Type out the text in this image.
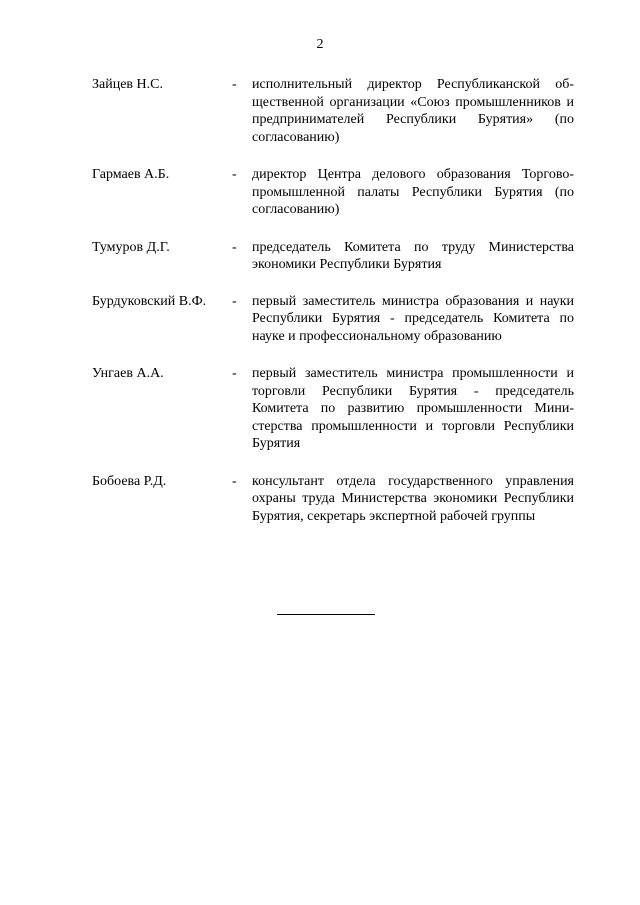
2
Зайцев Н.С.	-	исполнительный директор Республиканской общественной организации «Союз промышленников и предпринимателей Республики Бурятия» (по согласованию)
Гармаев А.Б.	-	директор Центра делового образования Торгово-промышленной палаты Республики Бурятия (по согласованию)
Тумуров Д.Г.	-	председатель Комитета по труду Министерства экономики Республики Бурятия
Бурдуковский В.Ф.	-	первый заместитель министра образования и науки Республики Бурятия - председатель Комитета по науке и профессиональному образованию
Унгаев А.А.	-	первый заместитель министра промышленности и торговли Республики Бурятия - председатель Комитета по развитию промышленности Министерства промышленности и торговли Республики Бурятия
Бобоева Р.Д.	-	консультант отдела государственного управления охраны труда Министерства экономики Республики Бурятия, секретарь экспертной рабочей группы
